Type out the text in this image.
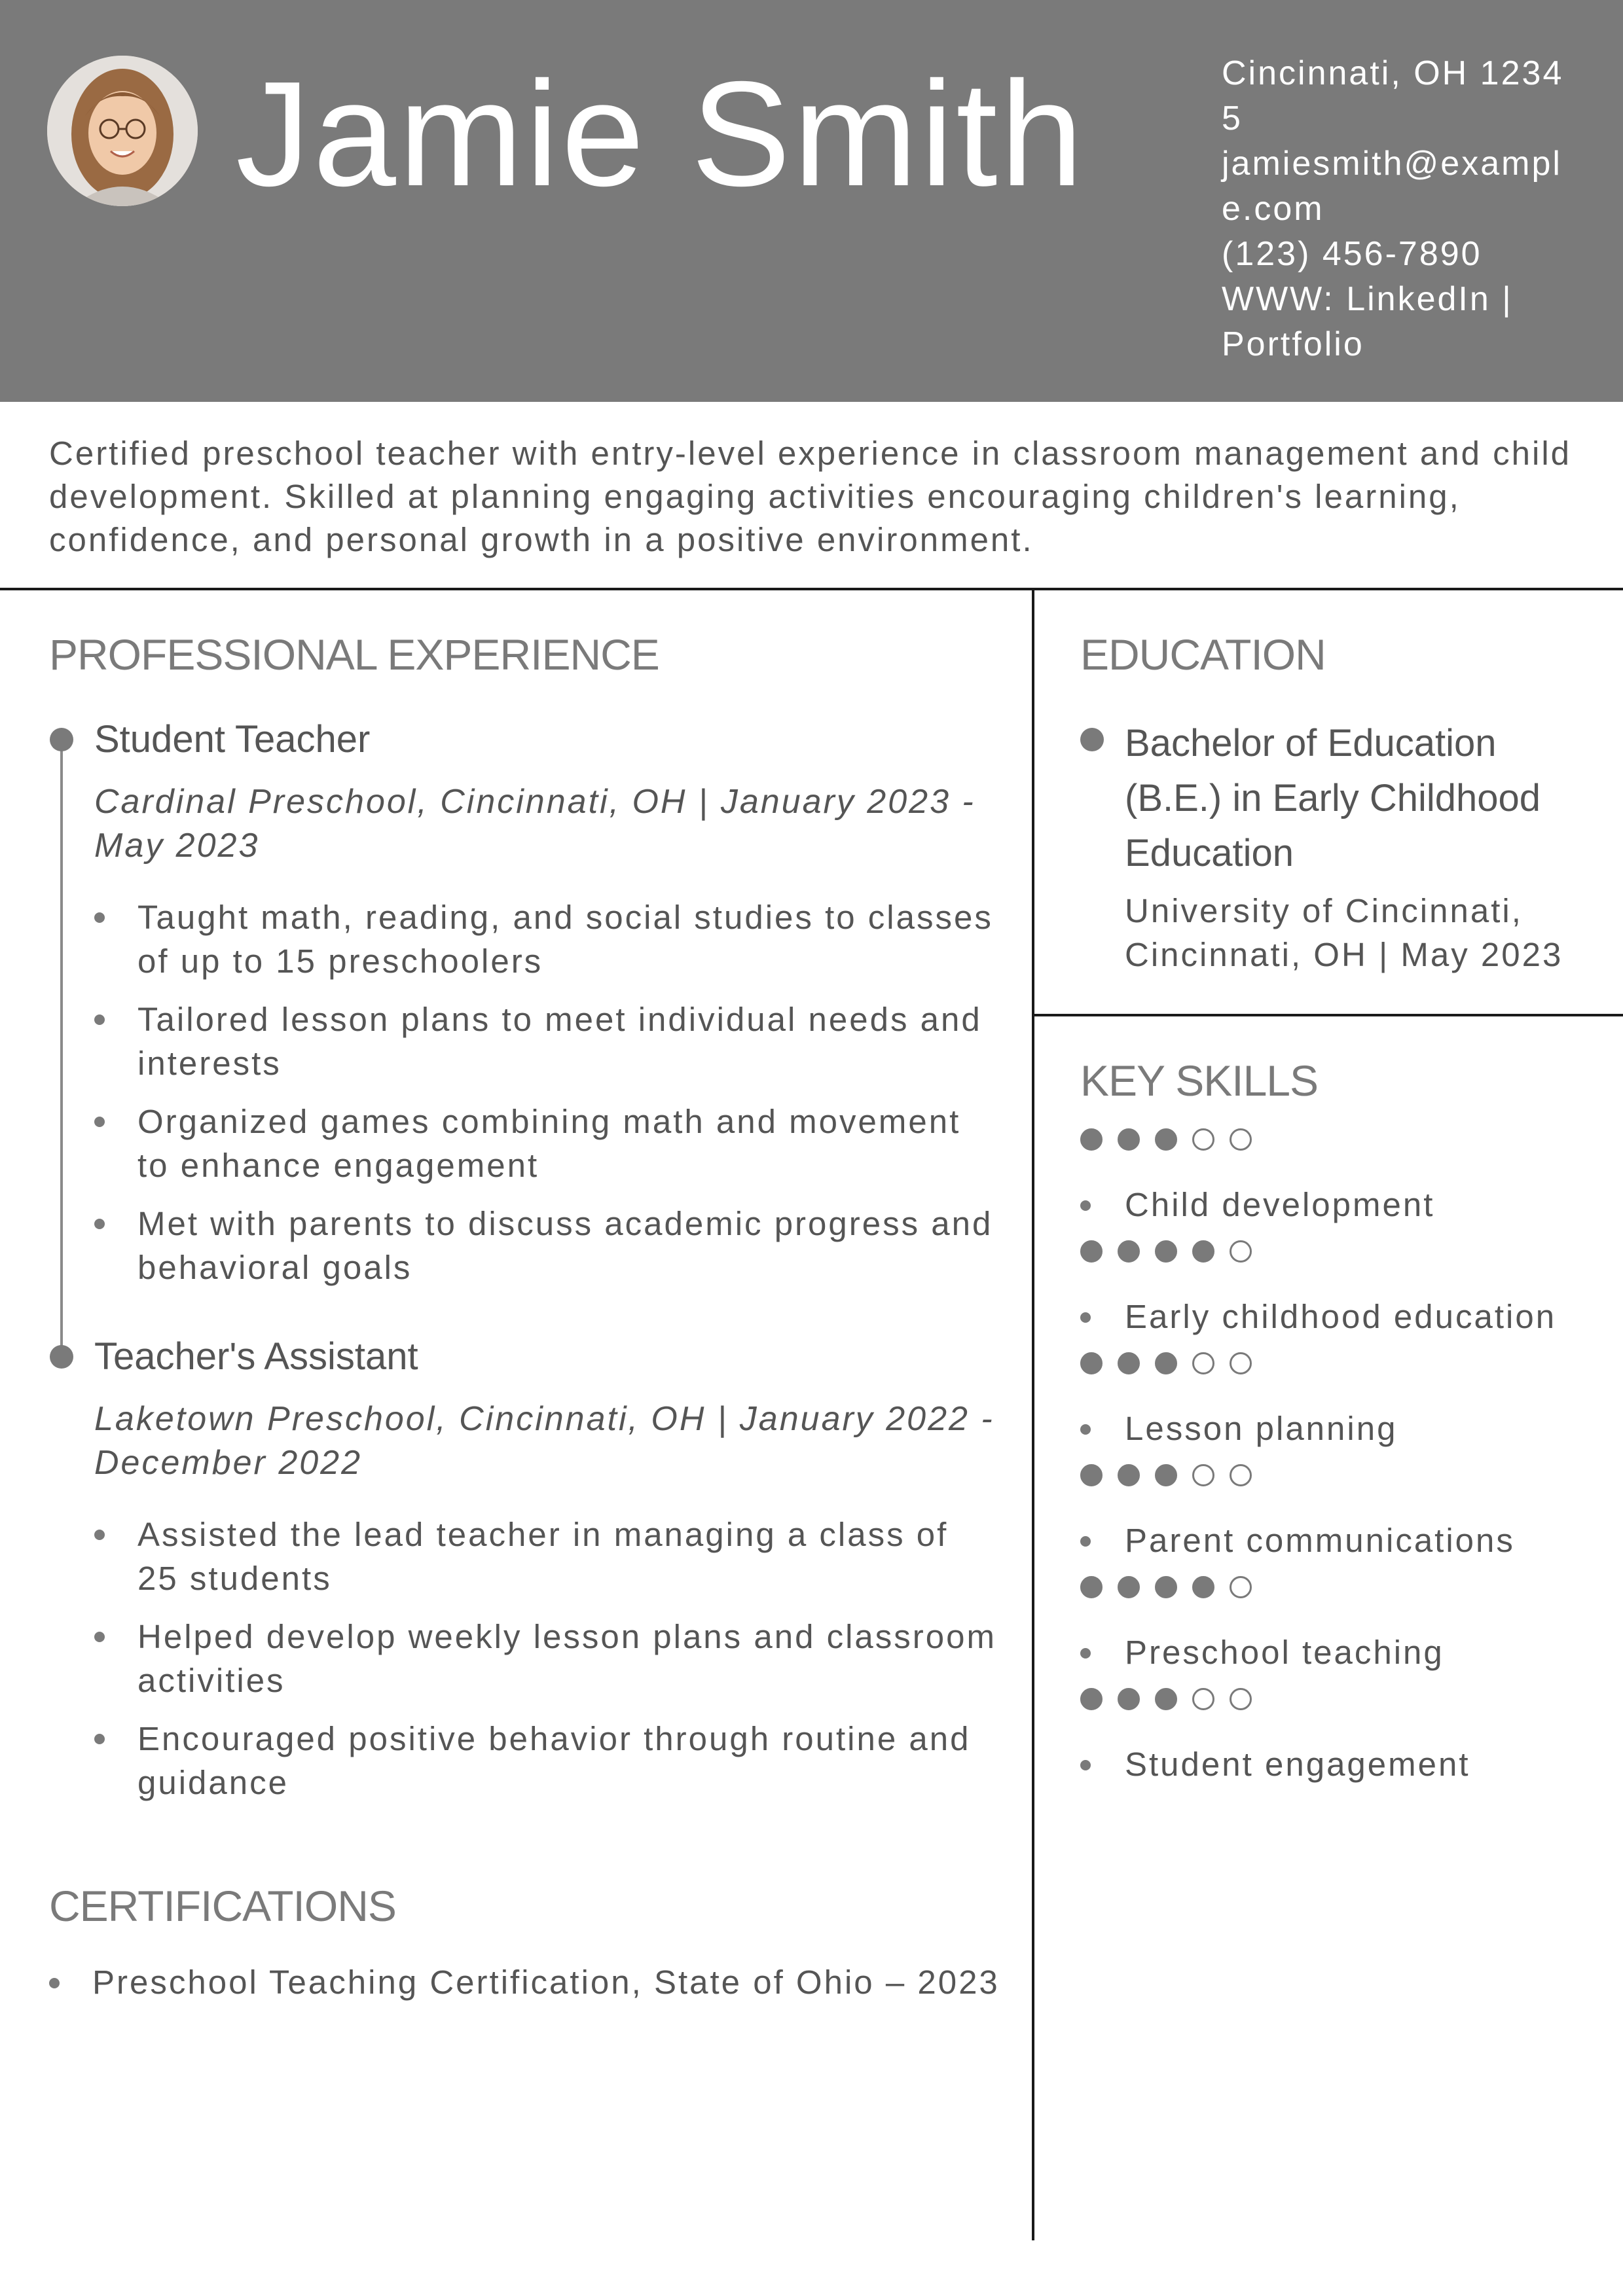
Jamie Smith	Cincinnati, OH 12345
jamiesmith@example.com
(123) 456-7890
WWW: LinkedIn | Portfolio
Certified preschool teacher with entry-level experience in classroom management and child development. Skilled at planning engaging activities encouraging children's learning, confidence, and personal growth in a positive environment.
PROFESSIONAL EXPERIENCE
Student Teacher
Cardinal Preschool, Cincinnati, OH | January 2023 - May 2023
Taught math, reading, and social studies to classes of up to 15 preschoolers
Tailored lesson plans to meet individual needs and interests
Organized games combining math and movement to enhance engagement
Met with parents to discuss academic progress and behavioral goals
Teacher's Assistant
Laketown Preschool, Cincinnati, OH | January 2022 - December 2022
Assisted the lead teacher in managing a class of 25 students
Helped develop weekly lesson plans and classroom activities
Encouraged positive behavior through routine and guidance
CERTIFICATIONS
Preschool Teaching Certification, State of Ohio – 2023
EDUCATION
Bachelor of Education (B.E.) in Early Childhood Education
University of Cincinnati, Cincinnati, OH | May 2023
KEY SKILLS
Child development
Early childhood education
Lesson planning
Parent communications
Preschool teaching
Student engagement
